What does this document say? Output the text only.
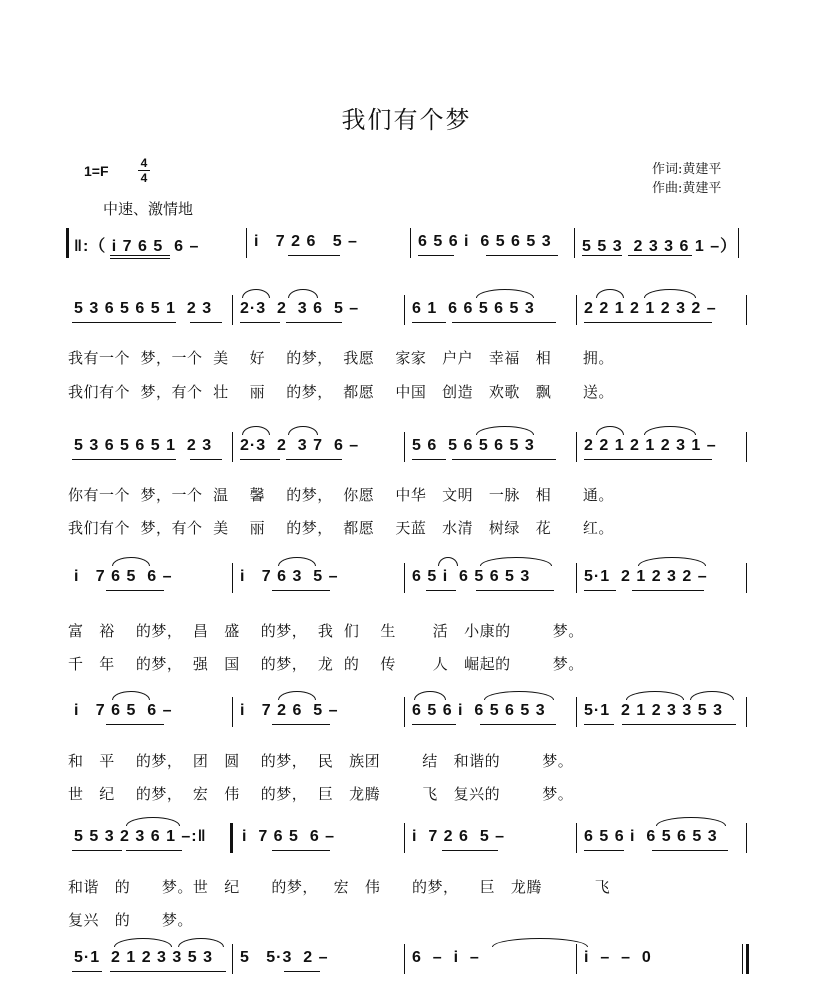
我们有个梦
1=F	4
4
中速、激情地
作词:黄建平
作曲:黄建平
‖:（ i 7 6 5  6 –	i   7 2 6   5 –	6 5 6 i  6 5 6 5 3 5 5 3  2 3 3 6 1 –）
5 3 6 5 6 5 1  2 3 2·3  2  3 6  5 –	6 1  6 6 5 6 5 3	2 2 1 2 1 2 3 2 –
我有一个  梦，一个  美    好    的梦，  我愿    家家   户户   幸福   相      拥。
我们有个  梦，有个  壮    丽    的梦，  都愿    中国   创造   欢歌   飘      送。
5 3 6 5 6 5 1  2 3 2·3  2  3 7  6 –	5 6  5 6 5 6 5 3	2 2 1 2 1 2 3 1 –
你有一个  梦，一个  温    馨    的梦，  你愿    中华   文明   一脉   相      通。
我们有个  梦，有个  美    丽    的梦，  都愿    天蓝   水清   树绿   花      红。
i   7 6 5  6 –	i   7 6 3  5 –	6 5 i  6 5 6 5 3	5·1  2 1 2 3 2 –
富   裕    的梦，  昌   盛    的梦，  我  们    生       活   小康的        梦。
千   年    的梦，  强   国    的梦，  龙  的    传       人   崛起的        梦。
i   7 6 5  6 –	i   7 2 6  5 –	6 5 6 i  6 5 6 5 3 5·1  2 1 2 3 3 5 3
和   平    的梦，  团   圆    的梦，  民   族团        结   和谐的        梦。
世   纪    的梦，  宏   伟    的梦，  巨   龙腾        飞   复兴的        梦。
5 5 3 2 3 6 1 –:‖ i  7 6 5  6 –	i  7 2 6  5 –	6 5 6 i  6 5 6 5 3
和谐   的      梦。世   纪      的梦，   宏   伟      的梦，    巨   龙腾          飞
复兴   的      梦。
5·1  2 1 2 3 3 5 3 5   5·3  2 –	6  –  i  –	i  –  –  0
